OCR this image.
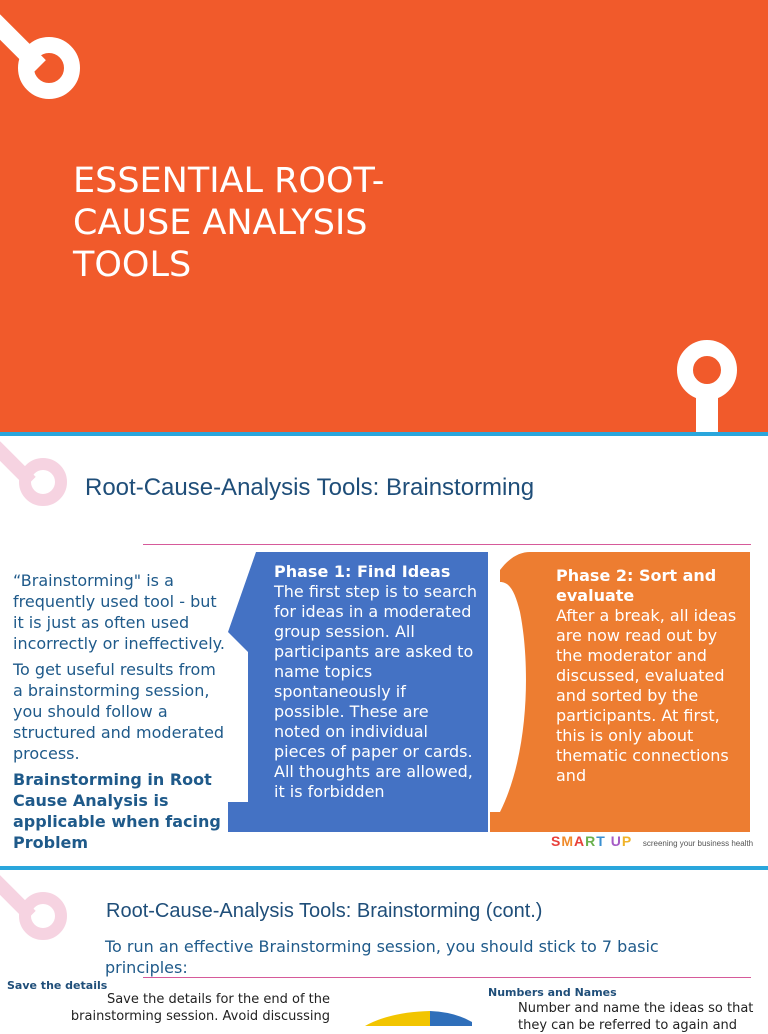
ESSENTIAL ROOT-CAUSE ANALYSIS TOOLS
Root-Cause-Analysis Tools: Brainstorming

“Brainstorming" is a frequently used tool - but it is just as often used incorrectly or ineffectively.

To get useful results from a brainstorming session, you should follow a structured and moderated process.

Brainstorming in Root Cause Analysis is applicable when facing Problem

Phase 1: Find Ideas
The first step is to search for ideas in a moderated group session. All participants are asked to name topics spontaneously if possible. These are noted on individual pieces of paper or cards.
All thoughts are allowed, it is forbidden
Phase 2: Sort and evaluate
After a break, all ideas are now read out by the moderator and discussed, evaluated and sorted by the participants. At first, this is only about thematic connections and
SMART UP screening your business health
Root-Cause-Analysis Tools: Brainstorming (cont.)
To run an effective Brainstorming session, you should stick to 7 basic principles:
Save the details
Save the details for the end of the brainstorming session. Avoid discussing
Numbers and Names
Number and name the ideas so that they can be referred to again and
